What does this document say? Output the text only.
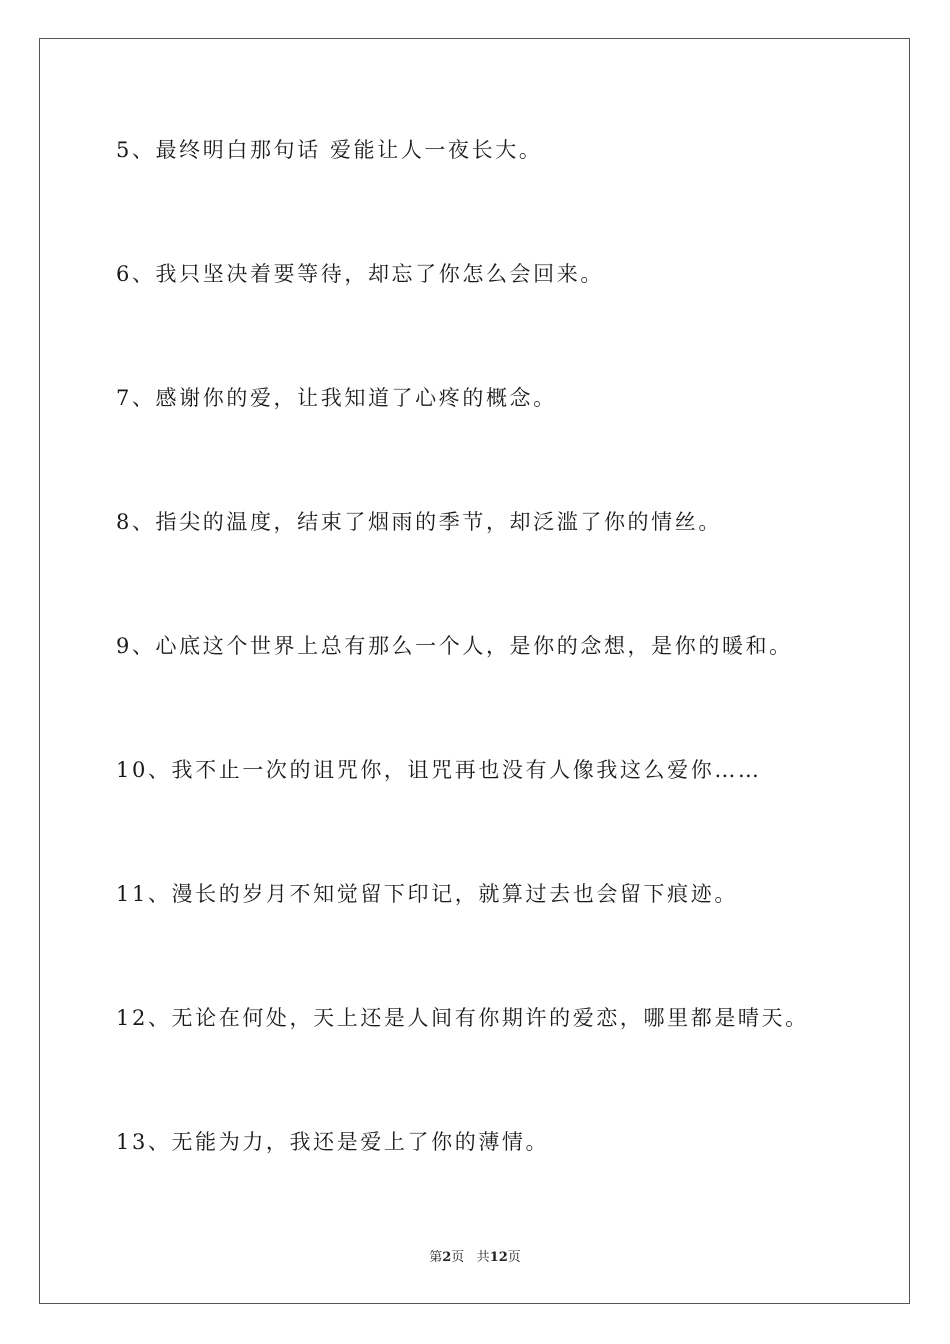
5、最终明白那句话 爱能让人一夜长大。
6、我只坚决着要等待，却忘了你怎么会回来。
7、感谢你的爱，让我知道了心疼的概念。
8、指尖的温度，结束了烟雨的季节，却泛滥了你的情丝。
9、心底这个世界上总有那么一个人，是你的念想，是你的暖和。
10、我不止一次的诅咒你，诅咒再也没有人像我这么爱你……
11、漫长的岁月不知觉留下印记，就算过去也会留下痕迹。
12、无论在何处，天上还是人间有你期许的爱恋，哪里都是晴天。
13、无能为力，我还是爱上了你的薄情。
第2页 共12页
